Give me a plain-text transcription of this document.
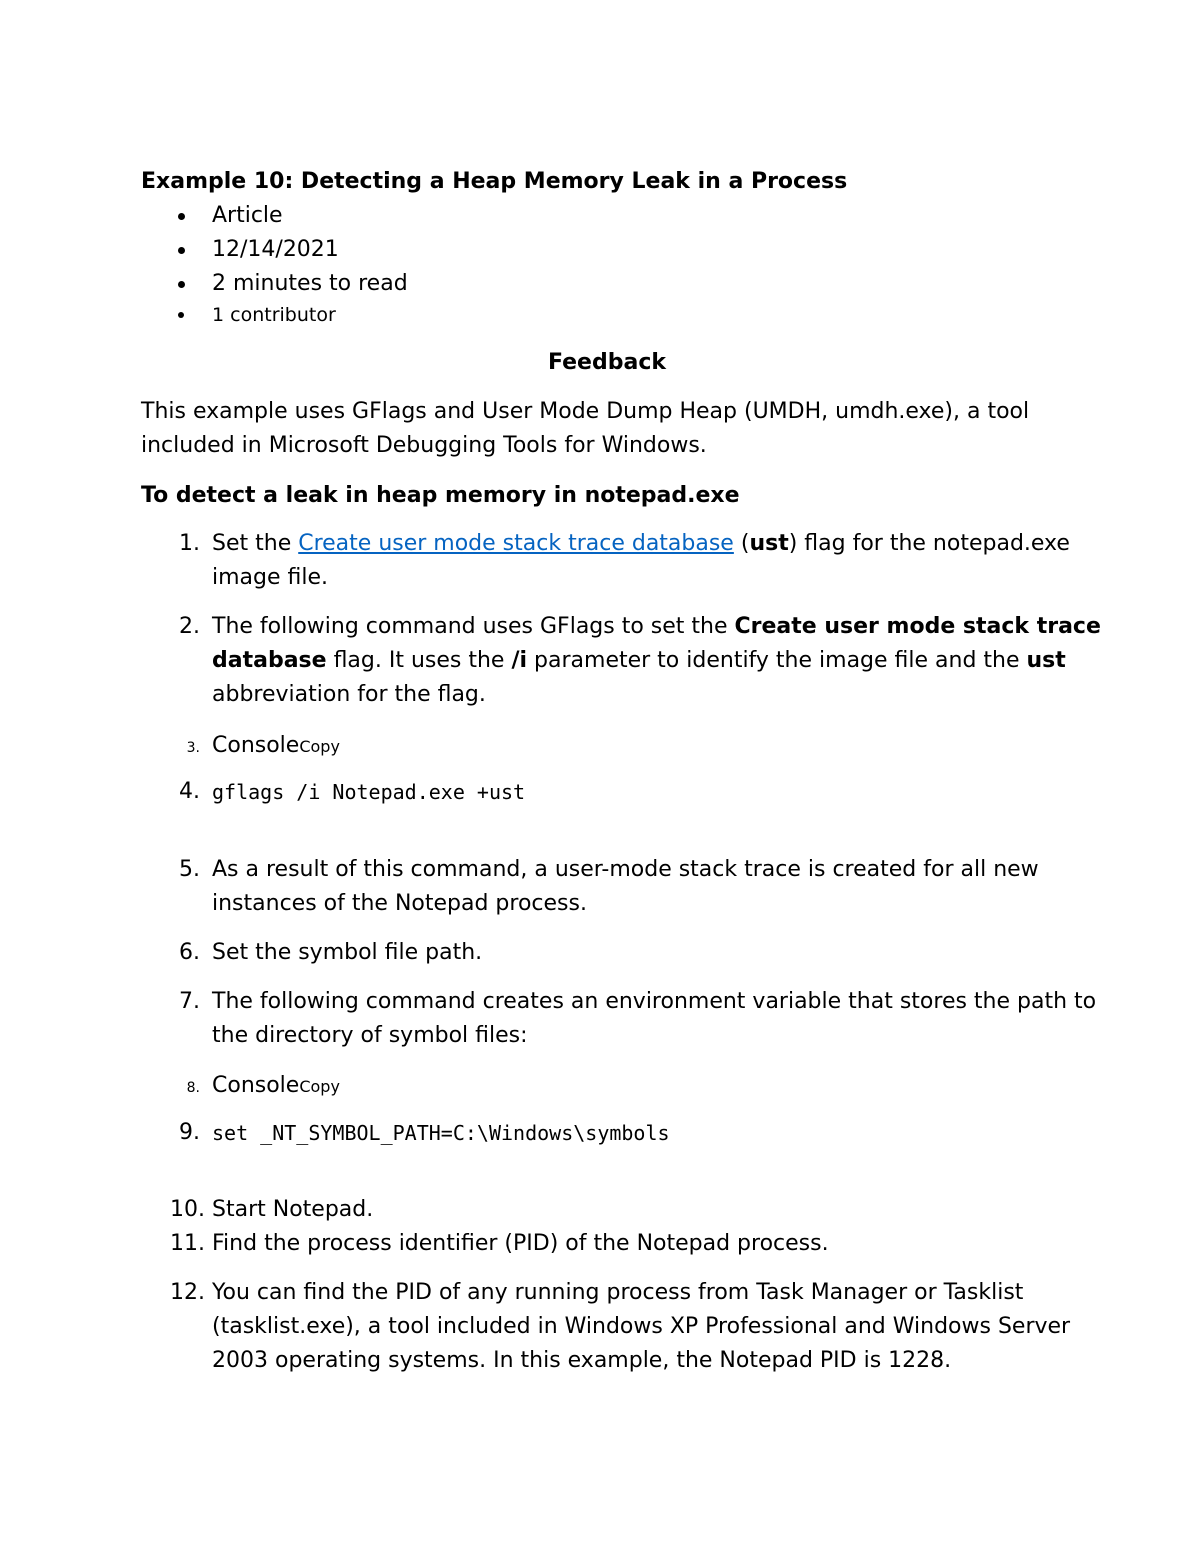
Example 10: Detecting a Heap Memory Leak in a Process
Article
12/14/2021
2 minutes to read
1 contributor
Feedback
This example uses GFlags and User Mode Dump Heap (UMDH, umdh.exe), a tool
included in Microsoft Debugging Tools for Windows.
To detect a leak in heap memory in notepad.exe
1. Set the Create user mode stack trace database (ust) flag for the notepad.exe
image file.
2. The following command uses GFlags to set the Create user mode stack trace
database flag. It uses the /i parameter to identify the image file and the ust
abbreviation for the flag.
3. ConsoleCopy
4. gflags /i Notepad.exe +ust
5. As a result of this command, a user-mode stack trace is created for all new
instances of the Notepad process.
6. Set the symbol file path.
7. The following command creates an environment variable that stores the path to
the directory of symbol files:
8. ConsoleCopy
9. set _NT_SYMBOL_PATH=C:\Windows\symbols
10. Start Notepad.
11. Find the process identifier (PID) of the Notepad process.
12. You can find the PID of any running process from Task Manager or Tasklist
(tasklist.exe), a tool included in Windows XP Professional and Windows Server
2003 operating systems. In this example, the Notepad PID is 1228.
